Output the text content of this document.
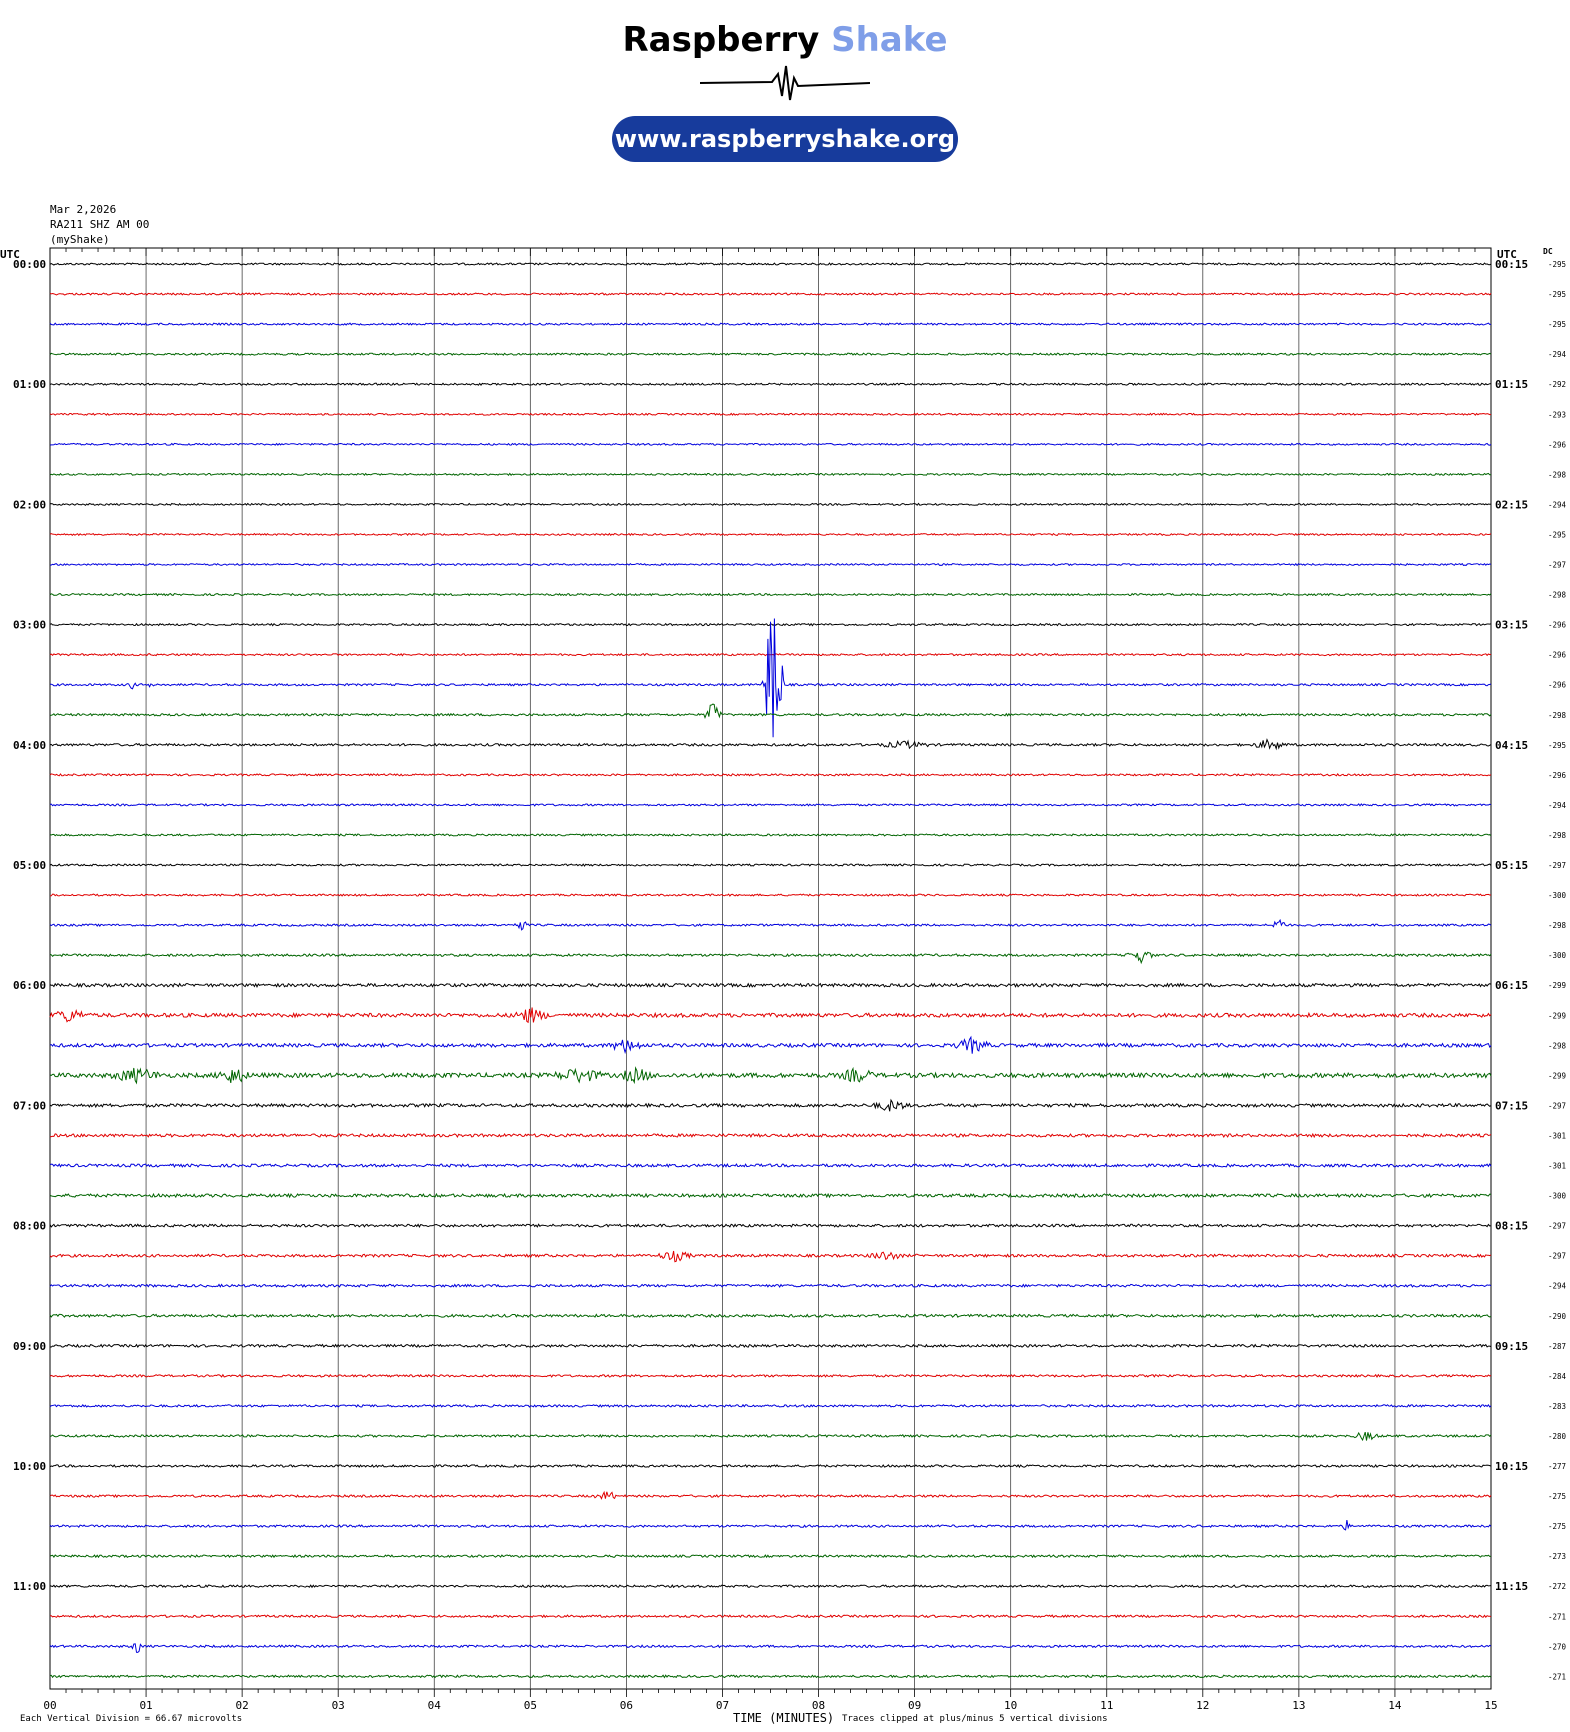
Raspberry Shake
www.raspberryshake.org
Mar 2,2026
RA211 SHZ AM 00
(myShake)
UTC	UTC	DC
00	01	02	03	04	05	06	07	08	09	10	11	12	13	14	15
-295
-295
-295
-294
-292
-293
-296
-298
-294
-295
-297
-298
-296
-296
-296
-298
-295
-296
-294
-298
-297
-300
-298
-300
-299
-299
-298
-299
-297
-301
-301
-300
-297
-297
-294
-290
-287
-284
-283
-280
-277
-275
-275
-273
-272
-271
-270
-271
00:00	00:15
01:00	01:15
02:00	02:15
03:00	03:15
04:00	04:15
05:00	05:15
06:00	06:15
07:00	07:15
08:00	08:15
09:00	09:15
10:00	10:15
11:00	11:15
Each Vertical Division = 66.67 microvolts	TIME (MINUTES) Traces clipped at plus/minus 5 vertical divisions
